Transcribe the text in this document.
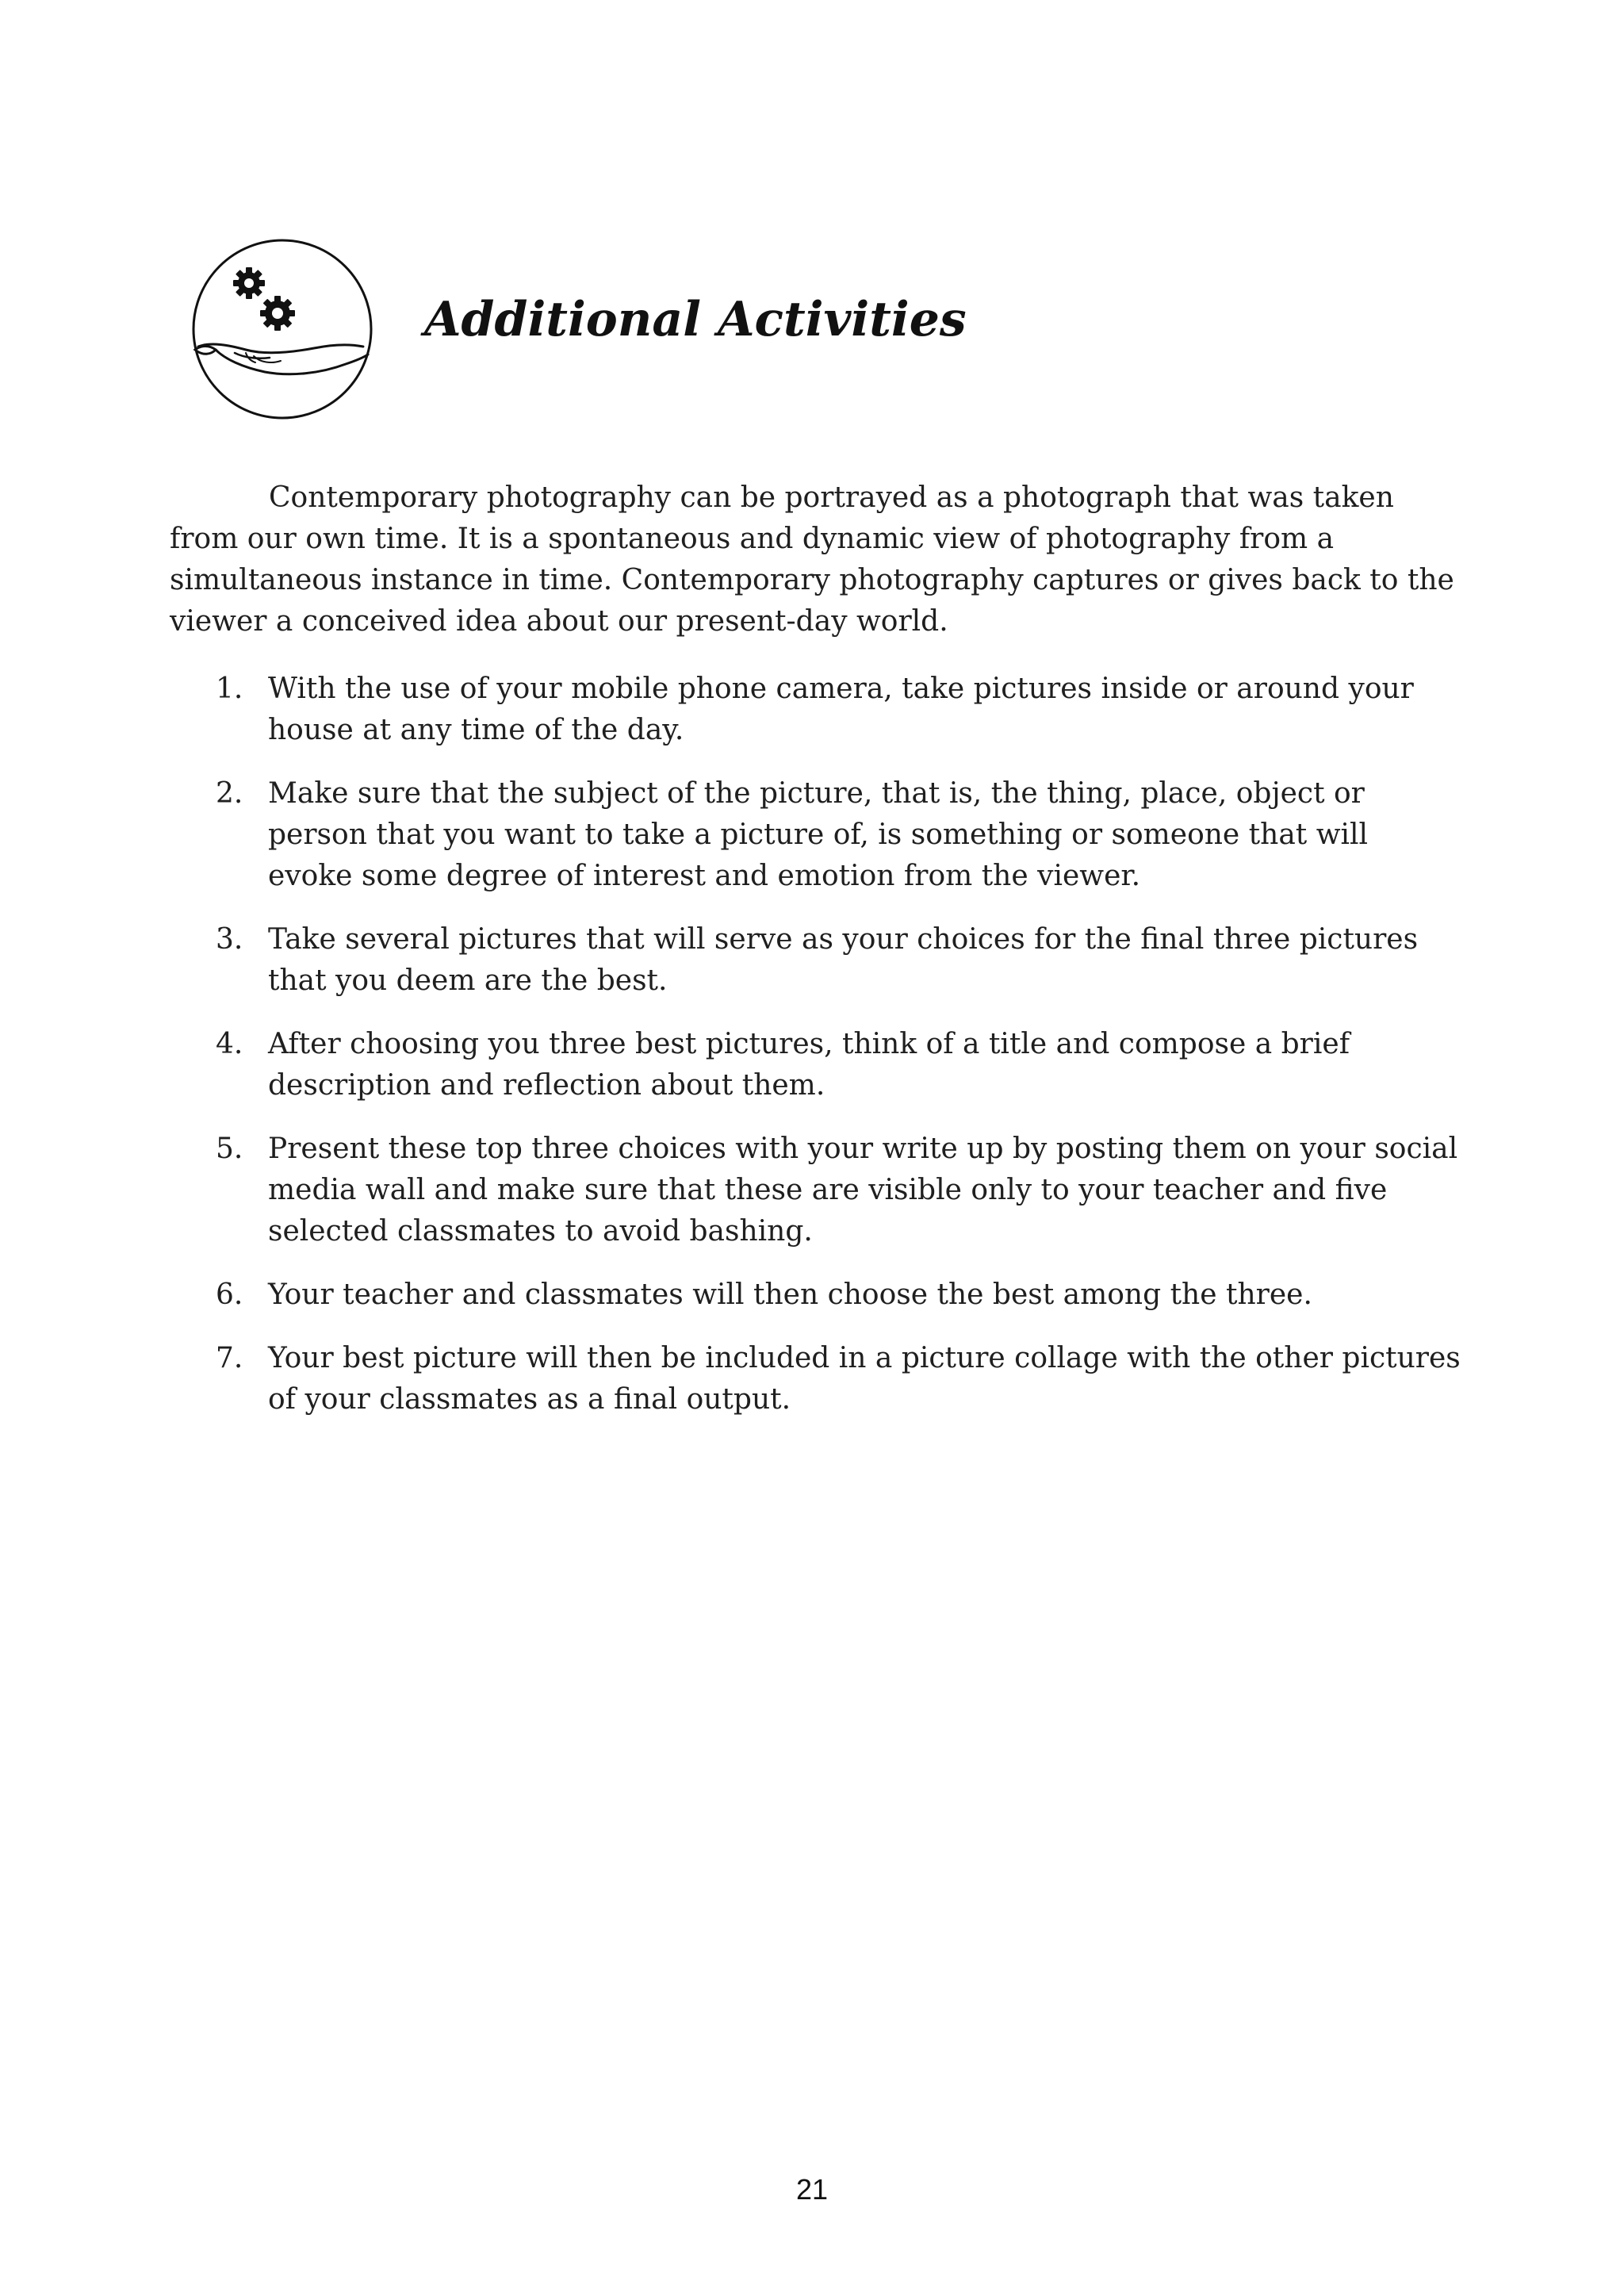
Additional Activities

Contemporary photography can be portrayed as a photograph that was taken from our own time. It is a spontaneous and dynamic view of photography from a simultaneous instance in time. Contemporary photography captures or gives back to the viewer a conceived idea about our present-day world.

1. With the use of your mobile phone camera, take pictures inside or around your house at any time of the day.
2. Make sure that the subject of the picture, that is, the thing, place, object or person that you want to take a picture of, is something or someone that will evoke some degree of interest and emotion from the viewer.
3. Take several pictures that will serve as your choices for the final three pictures that you deem are the best.
4. After choosing you three best pictures, think of a title and compose a brief description and reflection about them.
5. Present these top three choices with your write up by posting them on your social media wall and make sure that these are visible only to your teacher and five selected classmates to avoid bashing.
6. Your teacher and classmates will then choose the best among the three.
7. Your best picture will then be included in a picture collage with the other pictures of your classmates as a final output.
21
